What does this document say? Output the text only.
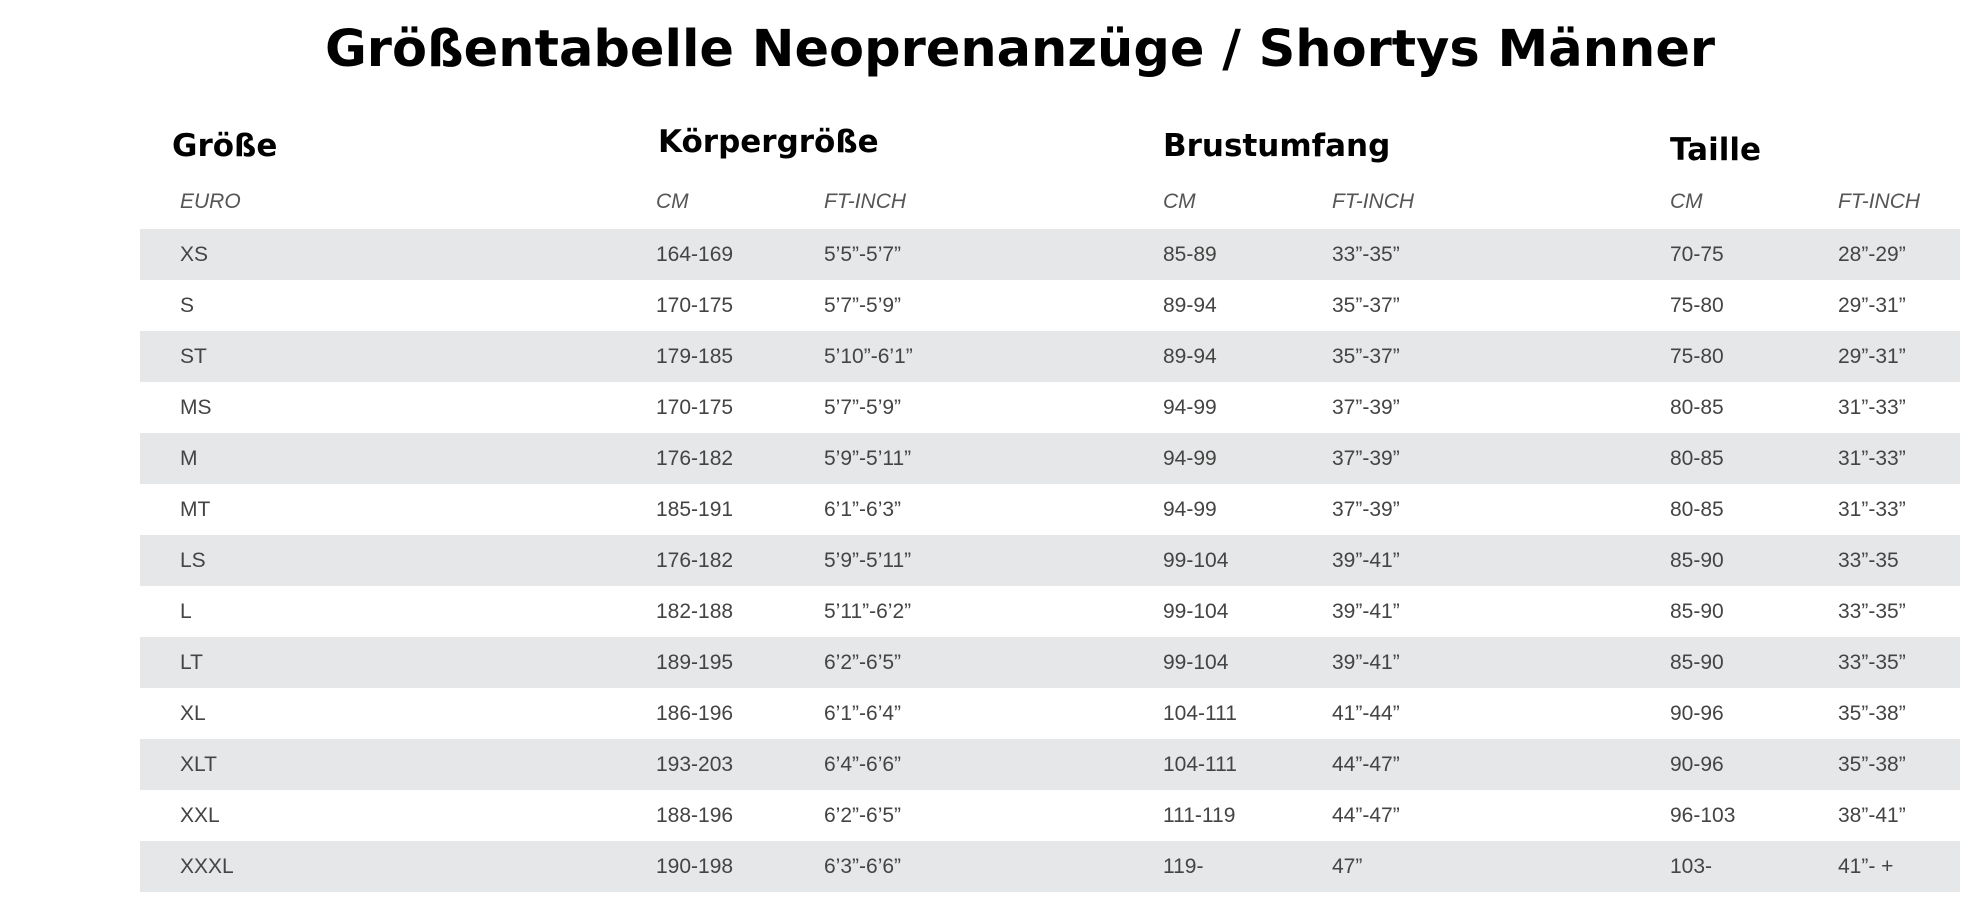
Größentabelle Neoprenanzüge / Shortys Männer
Größe	Körpergröße	Brustumfang	Taille
EURO	CM	FT-INCH	CM	FT-INCH	CM	FT-INCH
XS	164-169	5’5”-5’7”	85-89	33”-35”	70-75	28”-29”
S	170-175	5’7”-5’9”	89-94	35”-37”	75-80	29”-31”
ST	179-185	5’10”-6’1”	89-94	35”-37”	75-80	29”-31”
MS	170-175	5’7”-5’9”	94-99	37”-39”	80-85	31”-33”
M	176-182	5’9”-5’11”	94-99	37”-39”	80-85	31”-33”
MT	185-191	6’1”-6’3”	94-99	37”-39”	80-85	31”-33”
LS	176-182	5’9”-5’11”	99-104	39”-41”	85-90	33”-35
L	182-188	5’11”-6’2”	99-104	39”-41”	85-90	33”-35”
LT	189-195	6’2”-6’5”	99-104	39”-41”	85-90	33”-35”
XL	186-196	6’1”-6’4”	104-111	41”-44”	90-96	35”-38”
XLT	193-203	6’4”-6’6”	104-111	44”-47”	90-96	35”-38”
XXL	188-196	6’2”-6’5”	111-119	44”-47”	96-103	38”-41”
XXXL	190-198	6’3”-6’6”	119-	47”	103-	41”- +
